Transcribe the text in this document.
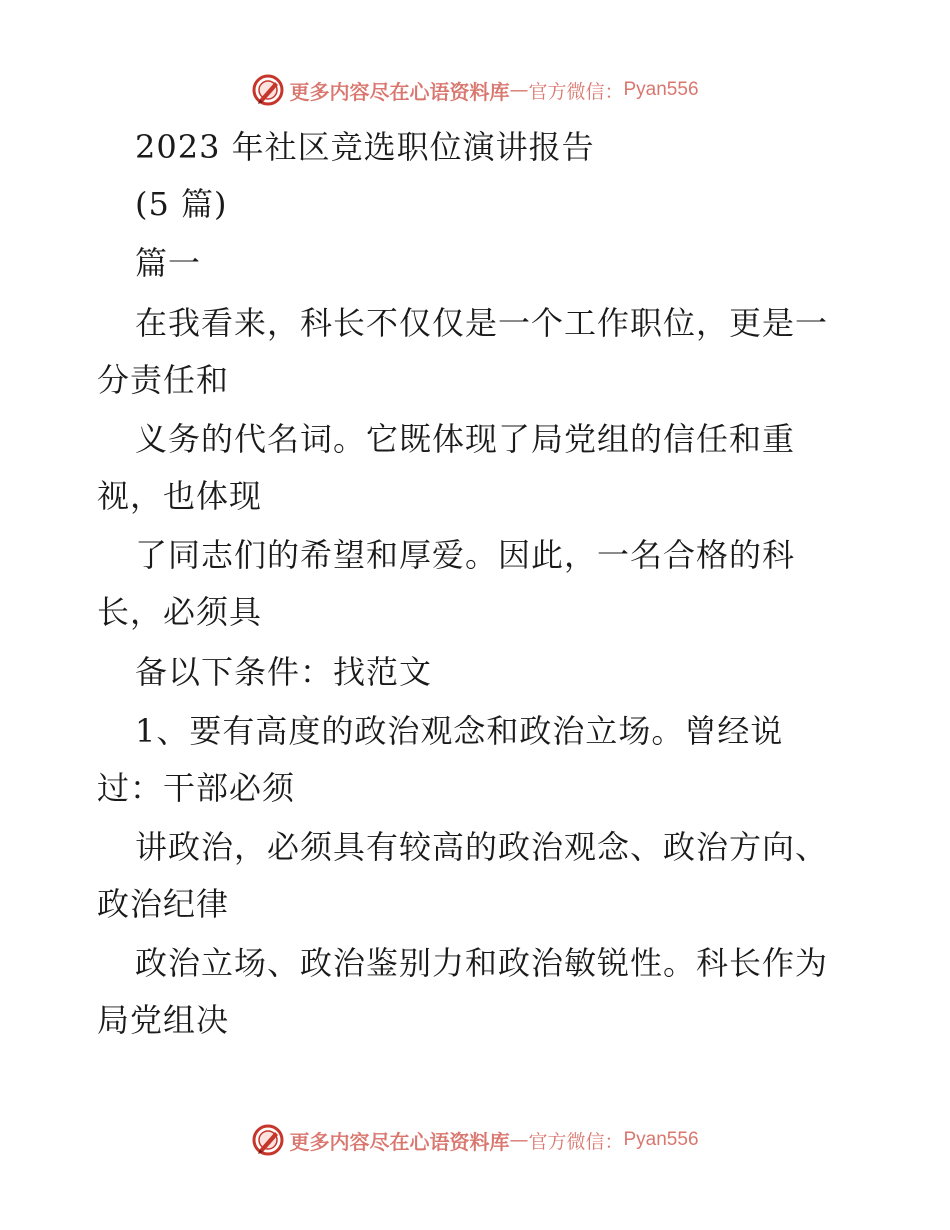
更多内容尽在心语资料库 — 官方微信： Pyan556
2023 年社区竞选职位演讲报告
(5 篇)
篇一
在我看来，科长不仅仅是一个工作职位，更是一
分责任和
义务的代名词。它既体现了局党组的信任和重
视，也体现
了同志们的希望和厚爱。因此，一名合格的科
长，必须具
备以下条件：找范文
1、要有高度的政治观念和政治立场。曾经说
过：干部必须
讲政治，必须具有较高的政治观念、政治方向、
政治纪律
政治立场、政治鉴别力和政治敏锐性。科长作为
局党组决
更多内容尽在心语资料库 — 官方微信： Pyan556
